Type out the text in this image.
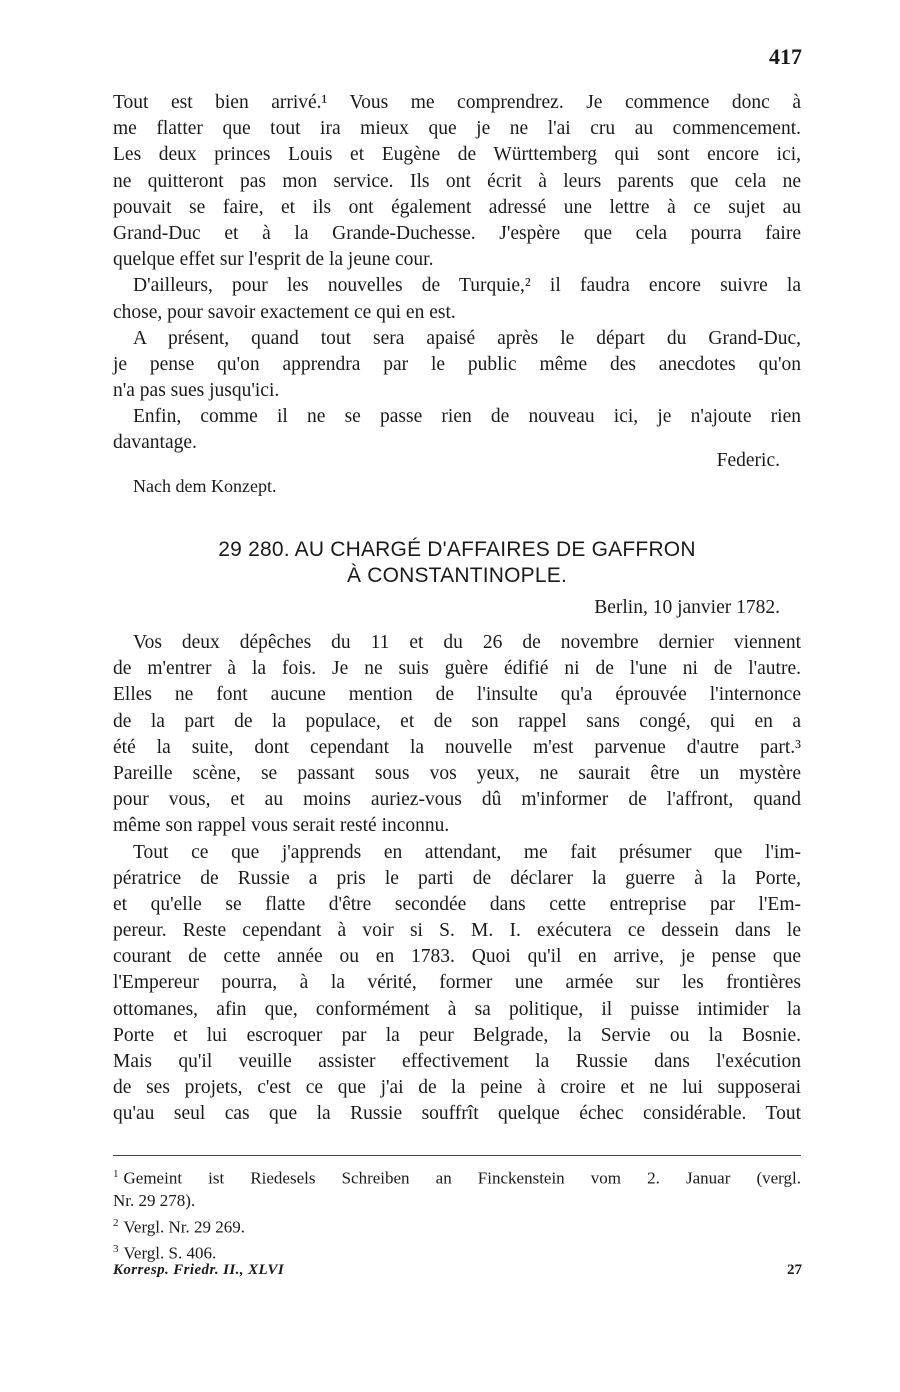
417
Tout est bien arrivé.¹ Vous me comprendrez. Je commence donc à
me flatter que tout ira mieux que je ne l'ai cru au commencement.
Les deux princes Louis et Eugène de Württemberg qui sont encore ici,
ne quitteront pas mon service. Ils ont écrit à leurs parents que cela ne
pouvait se faire, et ils ont également adressé une lettre à ce sujet au
Grand-Duc et à la Grande-Duchesse. J'espère que cela pourra faire
quelque effet sur l'esprit de la jeune cour.
D'ailleurs, pour les nouvelles de Turquie,² il faudra encore suivre la
chose, pour savoir exactement ce qui en est.
A présent, quand tout sera apaisé après le départ du Grand-Duc,
je pense qu'on apprendra par le public même des anecdotes qu'on
n'a pas sues jusqu'ici.
Enfin, comme il ne se passe rien de nouveau ici, je n'ajoute rien
davantage.
Federic.
Nach dem Konzept.
29 280. AU CHARGÉ D'AFFAIRES DE GAFFRON
À CONSTANTINOPLE.
Berlin, 10 janvier 1782.
Vos deux dépêches du 11 et du 26 de novembre dernier viennent
de m'entrer à la fois. Je ne suis guère édifié ni de l'une ni de l'autre.
Elles ne font aucune mention de l'insulte qu'a éprouvée l'internonce
de la part de la populace, et de son rappel sans congé, qui en a
été la suite, dont cependant la nouvelle m'est parvenue d'autre part.³
Pareille scène, se passant sous vos yeux, ne saurait être un mystère
pour vous, et au moins auriez-vous dû m'informer de l'affront, quand
même son rappel vous serait resté inconnu.
Tout ce que j'apprends en attendant, me fait présumer que l'im-
pératrice de Russie a pris le parti de déclarer la guerre à la Porte,
et qu'elle se flatte d'être secondée dans cette entreprise par l'Em-
pereur. Reste cependant à voir si S. M. I. exécutera ce dessein dans le
courant de cette année ou en 1783. Quoi qu'il en arrive, je pense que
l'Empereur pourra, à la vérité, former une armée sur les frontières
ottomanes, afin que, conformément à sa politique, il puisse intimider la
Porte et lui escroquer par la peur Belgrade, la Servie ou la Bosnie.
Mais qu'il veuille assister effectivement la Russie dans l'exécution
de ses projets, c'est ce que j'ai de la peine à croire et ne lui supposerai
qu'au seul cas que la Russie souffrît quelque échec considérable. Tout
$^1$ Gemeint ist Riedesels Schreiben an Finckenstein vom 2. Januar (vergl.
Nr. 29 278).
$^2$ Vergl. Nr. 29 269.
$^3$ Vergl. S. 406.
Korresp. Friedr. II., XLVI	27
